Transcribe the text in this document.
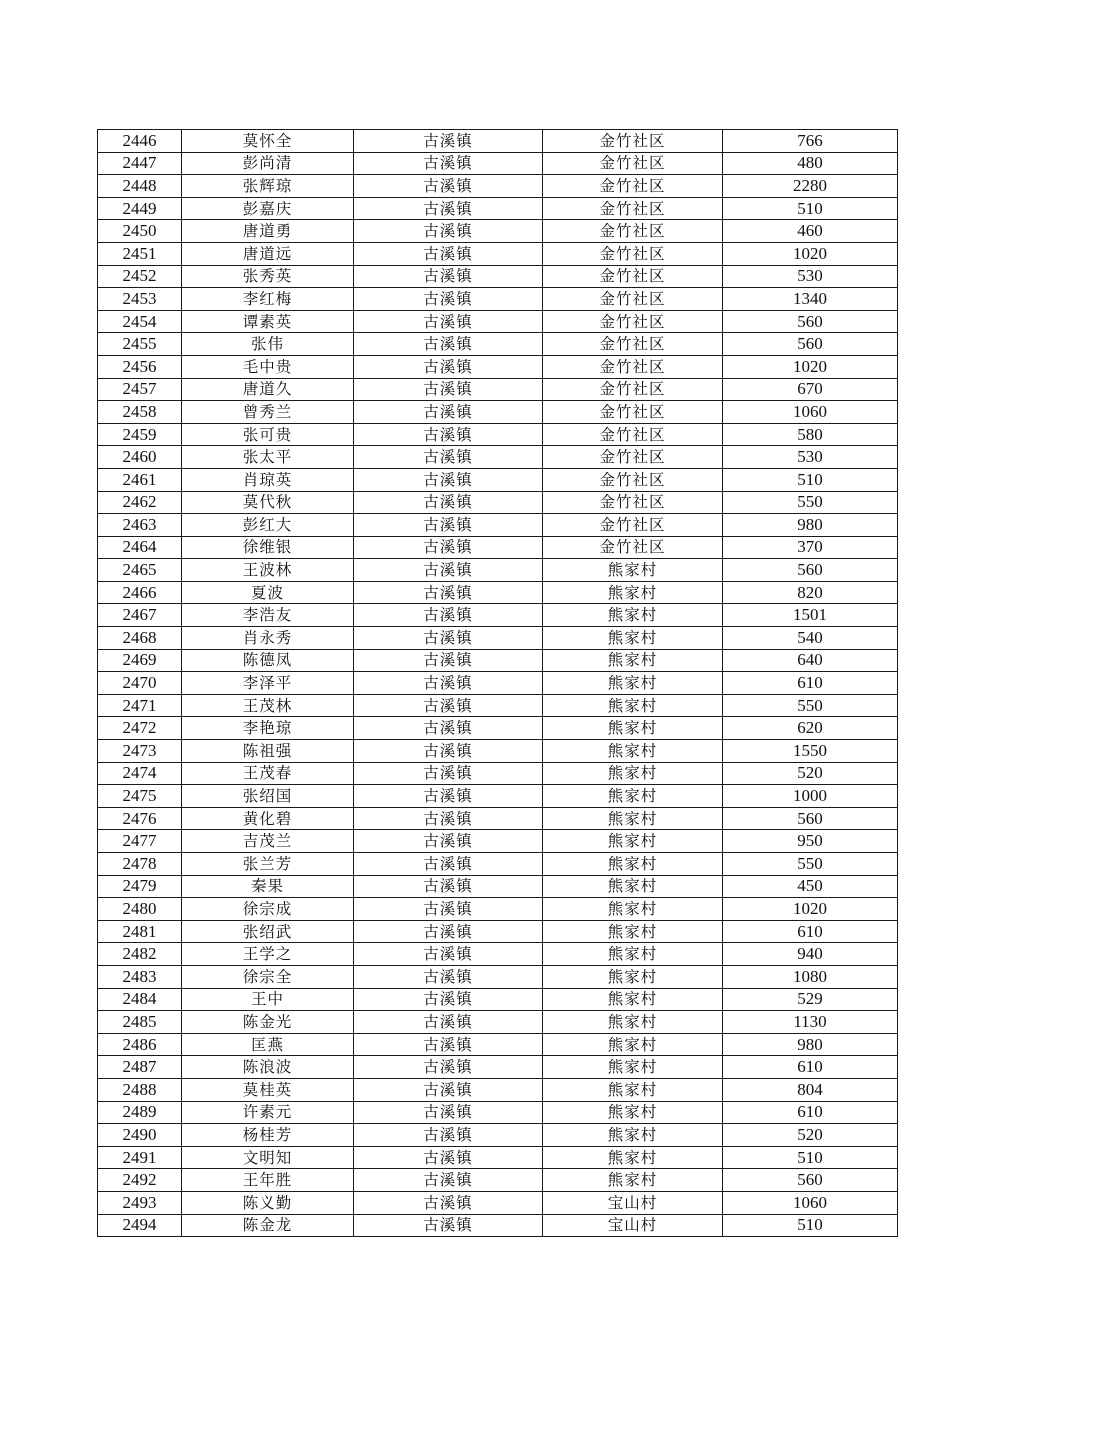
2446	莫怀全	古溪镇	金竹社区	766
2447	彭尚清	古溪镇	金竹社区	480
2448	张辉琼	古溪镇	金竹社区	2280
2449	彭嘉庆	古溪镇	金竹社区	510
2450	唐道勇	古溪镇	金竹社区	460
2451	唐道远	古溪镇	金竹社区	1020
2452	张秀英	古溪镇	金竹社区	530
2453	李红梅	古溪镇	金竹社区	1340
2454	谭素英	古溪镇	金竹社区	560
2455	张伟	古溪镇	金竹社区	560
2456	毛中贵	古溪镇	金竹社区	1020
2457	唐道久	古溪镇	金竹社区	670
2458	曾秀兰	古溪镇	金竹社区	1060
2459	张可贵	古溪镇	金竹社区	580
2460	张太平	古溪镇	金竹社区	530
2461	肖琼英	古溪镇	金竹社区	510
2462	莫代秋	古溪镇	金竹社区	550
2463	彭红大	古溪镇	金竹社区	980
2464	徐维银	古溪镇	金竹社区	370
2465	王波林	古溪镇	熊家村	560
2466	夏波	古溪镇	熊家村	820
2467	李浩友	古溪镇	熊家村	1501
2468	肖永秀	古溪镇	熊家村	540
2469	陈德凤	古溪镇	熊家村	640
2470	李泽平	古溪镇	熊家村	610
2471	王茂林	古溪镇	熊家村	550
2472	李艳琼	古溪镇	熊家村	620
2473	陈祖强	古溪镇	熊家村	1550
2474	王茂春	古溪镇	熊家村	520
2475	张绍国	古溪镇	熊家村	1000
2476	黄化碧	古溪镇	熊家村	560
2477	吉茂兰	古溪镇	熊家村	950
2478	张兰芳	古溪镇	熊家村	550
2479	秦果	古溪镇	熊家村	450
2480	徐宗成	古溪镇	熊家村	1020
2481	张绍武	古溪镇	熊家村	610
2482	王学之	古溪镇	熊家村	940
2483	徐宗全	古溪镇	熊家村	1080
2484	王中	古溪镇	熊家村	529
2485	陈金光	古溪镇	熊家村	1130
2486	匡燕	古溪镇	熊家村	980
2487	陈浪波	古溪镇	熊家村	610
2488	莫桂英	古溪镇	熊家村	804
2489	许素元	古溪镇	熊家村	610
2490	杨桂芳	古溪镇	熊家村	520
2491	文明知	古溪镇	熊家村	510
2492	王年胜	古溪镇	熊家村	560
2493	陈义勤	古溪镇	宝山村	1060
2494	陈金龙	古溪镇	宝山村	510
